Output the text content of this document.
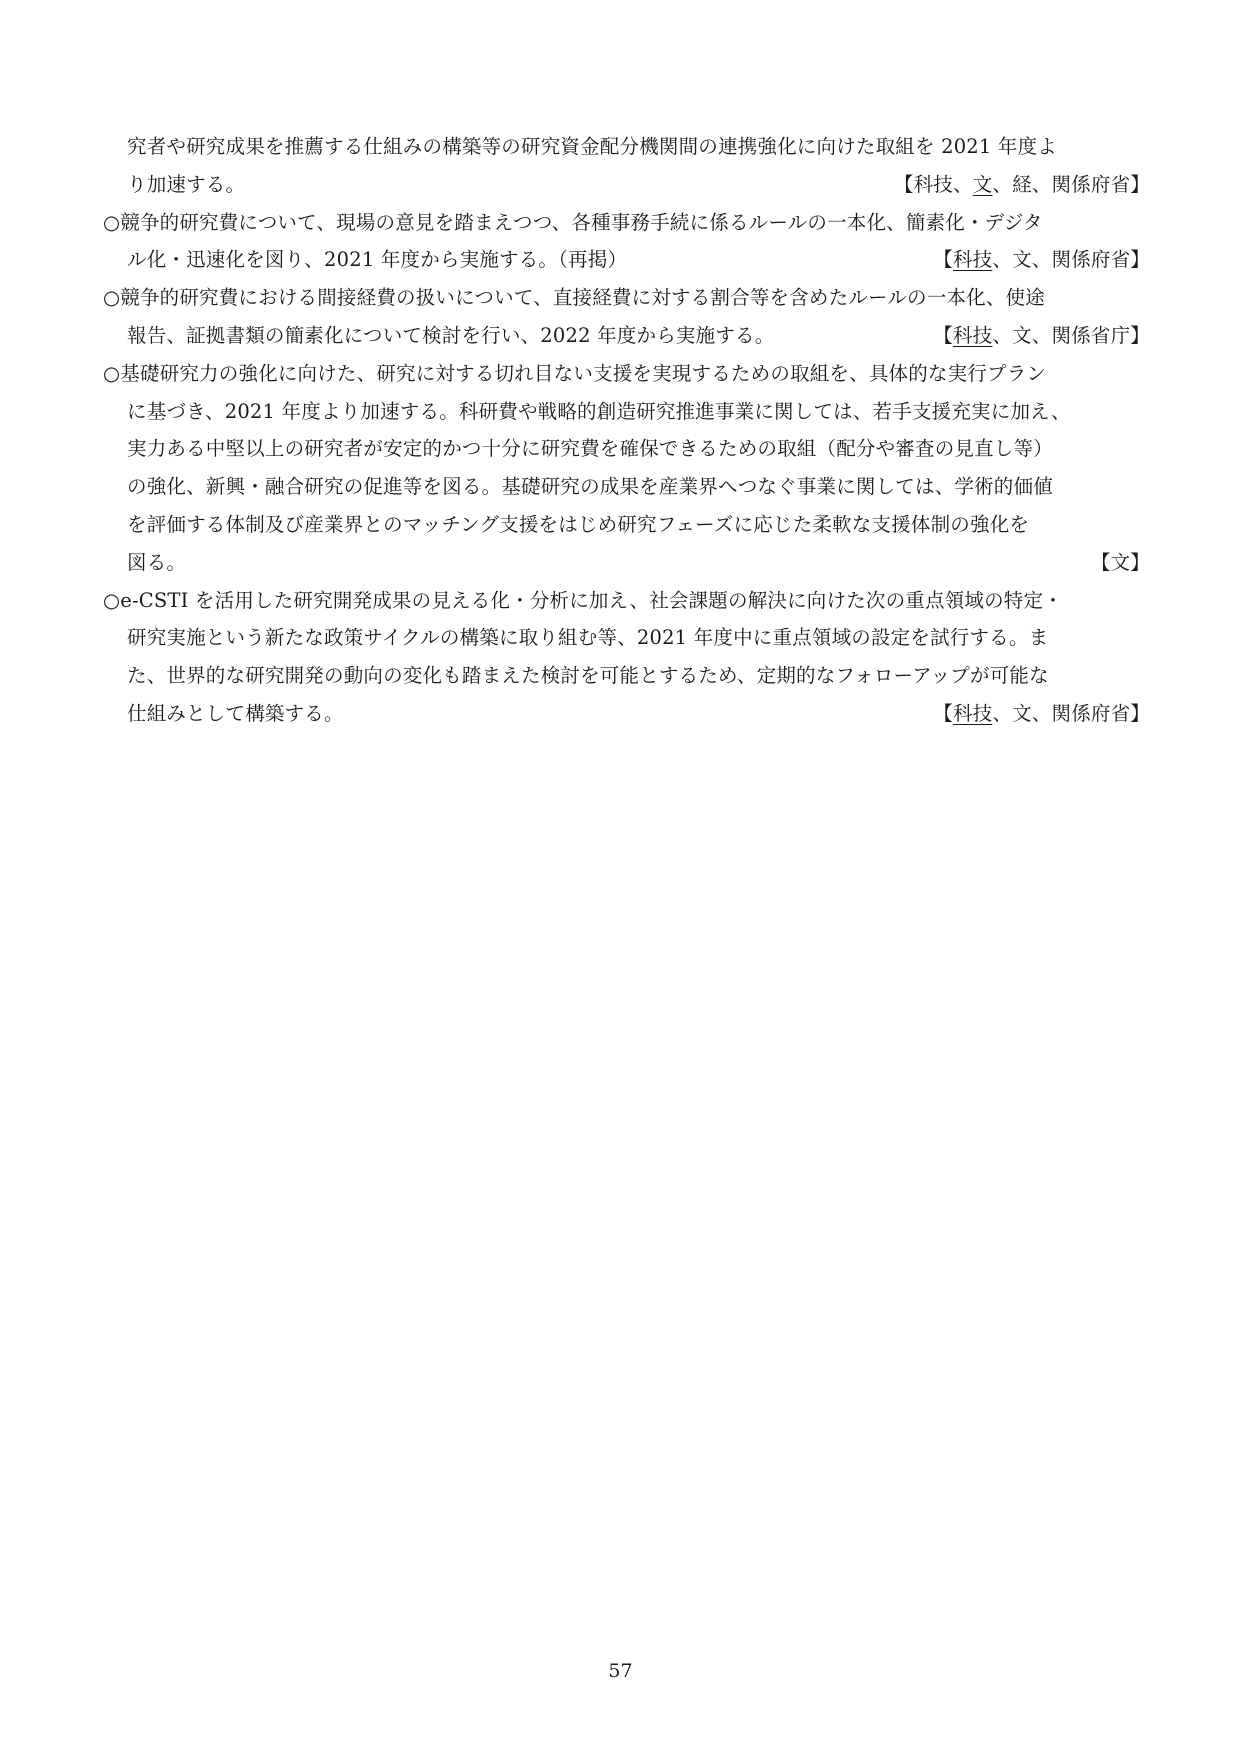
究者や研究成果を推薦する仕組みの構築等の研究資金配分機関間の連携強化に向けた取組を 2021 年度よ
り加速する。	【科技、文、経、関係府省】
○競争的研究費について、現場の意見を踏まえつつ、各種事務手続に係るルールの一本化、簡素化・デジタ
ル化・迅速化を図り、2021 年度から実施する。（再掲）	【科技、文、関係府省】
○競争的研究費における間接経費の扱いについて、直接経費に対する割合等を含めたルールの一本化、使途
報告、証拠書類の簡素化について検討を行い、2022 年度から実施する。	【科技、文、関係省庁】
○基礎研究力の強化に向けた、研究に対する切れ目ない支援を実現するための取組を、具体的な実行プラン
に基づき、2021 年度より加速する。科研費や戦略的創造研究推進事業に関しては、若手支援充実に加え、
実力ある中堅以上の研究者が安定的かつ十分に研究費を確保できるための取組（配分や審査の見直し等）
の強化、新興・融合研究の促進等を図る。基礎研究の成果を産業界へつなぐ事業に関しては、学術的価値
を評価する体制及び産業界とのマッチング支援をはじめ研究フェーズに応じた柔軟な支援体制の強化を
図る。	【文】
○e-CSTI を活用した研究開発成果の見える化・分析に加え、社会課題の解決に向けた次の重点領域の特定・
研究実施という新たな政策サイクルの構築に取り組む等、2021 年度中に重点領域の設定を試行する。ま
た、世界的な研究開発の動向の変化も踏まえた検討を可能とするため、定期的なフォローアップが可能な
仕組みとして構築する。	【科技、文、関係府省】
57
